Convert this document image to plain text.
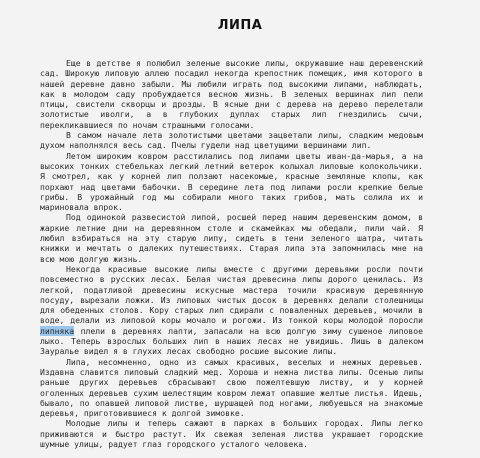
ЛИПА

Еще в детстве я полюбил зеленые высокие липы, окружавшие наш деревенский сад. Широкую липовую аллею посадил некогда крепостник помещик, имя которого в нашей деревне давно забыли. Мы любили играть под высокими липами, наблюдать, как в молодом саду пробуждается весною жизнь. В зеленых вершинах лип пели птицы, свистели скворцы и дрозды. В ясные дни с дерева на дерево перелетали золотистые иволги, а в глубоких дуплах старых лип гнездились сычи, перекликавшиеся по ночам страшными голосами.

В самом начале лета золотистыми цветами зацветали липы, сладким медовым духом наполнялся весь сад. Пчелы гудели над цветущими вершинами лип.

Летом широким ковром расстилались под липами цветы иван-да-марья, а на высоких тонких стебельках легкий летний ветерок колыхал лиловые колокольчики. Я смотрел, как у корней лип ползают насекомые, красные земляные клопы, как порхают над цветами бабочки. В середине лета под липами росли крепкие белые грибы. В урожайный год мы собирали много таких грибов, мать солила их и мариновала впрок.

Под одинокой развесистой липой, росшей перед нашим деревенским домом, в жаркие летние дни на деревянном столе и скамейках мы обедали, пили чай. Я любил взбираться на эту старую липу, сидеть в тени зеленого шатра, читать книжки и мечтать о далеких путешествиях. Старая липа эта запомнилась мне на всю мою долгую жизнь.

Некогда красивые высокие липы вместе с другими деревьями росли почти повсеместно в русских лесах. Белая чистая древесина липы дорого ценилась. Из легкой, податливой древесины искусные мастера точили красивую деревянную посуду, вырезали ложки. Из липовых чистых досок в деревнях делали столешницы для обеденных столов. Кору старых лип сдирали с поваленных деревьев, мочили в воде, делали из липовой коры мочало и рогожи. Из тонкой коры молодой поросли липняка плели в деревнях лапти, запасали на всю долгую зиму сушеное липовое лыко. Теперь взрослых больших лип в наших лесах не увидишь. Лишь в далеком Зауралье видел я в глухих лесах свободно росшие высокие липы.

Липа, несомненно, одно из самых красивых, веселых и нежных деревьев. Издавна славится липовый сладкий мед. Хороша и нежна листва липы. Осенью липы раньше других деревьев сбрасывают свою пожелтевшую листву, и у корней оголенных деревьев сухим шелестящим ковром лежат опавшие желтые листья. Идешь, бывало, по опавшей липовой листве, шуршащей под ногами, любуешься на знакомые деревья, приготовившиеся к долгой зимовке.

Молодые липы и теперь сажают в парках в больших городах. Липы легко приживаются и быстро растут. Их свежая зеленая листва украшает городские шумные улицы, радует глаз городского усталого человека.
